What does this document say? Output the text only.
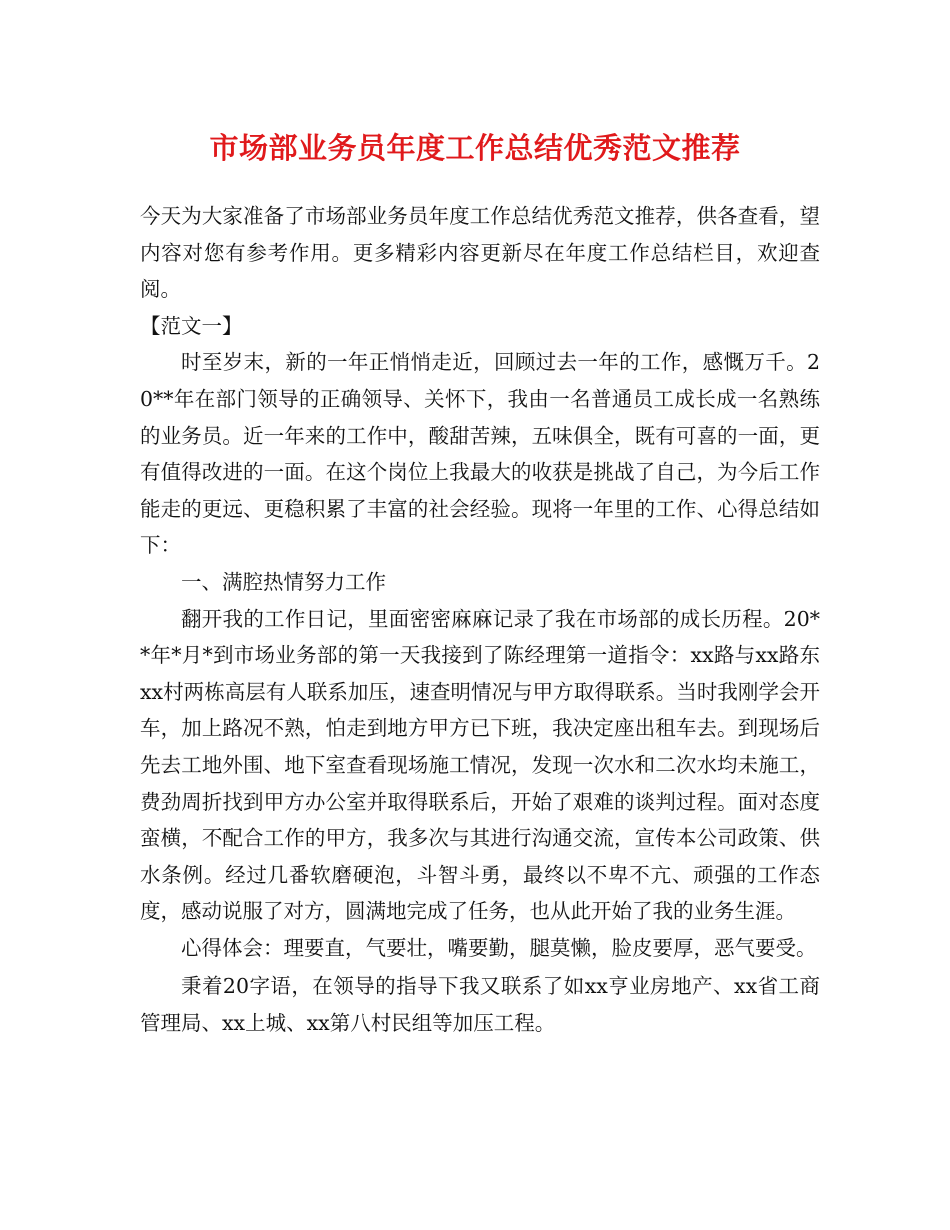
市场部业务员年度工作总结优秀范文推荐

今天为大家准备了市场部业务员年度工作总结优秀范文推荐，供各查看，望内容对您有参考作用。更多精彩内容更新尽在年度工作总结栏目，欢迎查阅。

【范文一】

时至岁末，新的一年正悄悄走近，回顾过去一年的工作，感慨万千。20**年在部门领导的正确领导、关怀下，我由一名普通员工成长成一名熟练的业务员。近一年来的工作中，酸甜苦辣，五味俱全，既有可喜的一面，更有值得改进的一面。在这个岗位上我最大的收获是挑战了自己，为今后工作能走的更远、更稳积累了丰富的社会经验。现将一年里的工作、心得总结如下：

一、满腔热情努力工作

翻开我的工作日记，里面密密麻麻记录了我在市场部的成长历程。20**年*月*到市场业务部的第一天我接到了陈经理第一道指令：xx路与xx路东xx村两栋高层有人联系加压，速查明情况与甲方取得联系。当时我刚学会开车，加上路况不熟，怕走到地方甲方已下班，我决定座出租车去。到现场后先去工地外围、地下室查看现场施工情况，发现一次水和二次水均未施工，费劲周折找到甲方办公室并取得联系后，开始了艰难的谈判过程。面对态度蛮横，不配合工作的甲方，我多次与其进行沟通交流，宣传本公司政策、供水条例。经过几番软磨硬泡，斗智斗勇，最终以不卑不亢、顽强的工作态度，感动说服了对方，圆满地完成了任务，也从此开始了我的业务生涯。

心得体会：理要直，气要壮，嘴要勤，腿莫懒，脸皮要厚，恶气要受。

秉着20字语，在领导的指导下我又联系了如xx亨业房地产、xx省工商管理局、xx上城、xx第八村民组等加压工程。
